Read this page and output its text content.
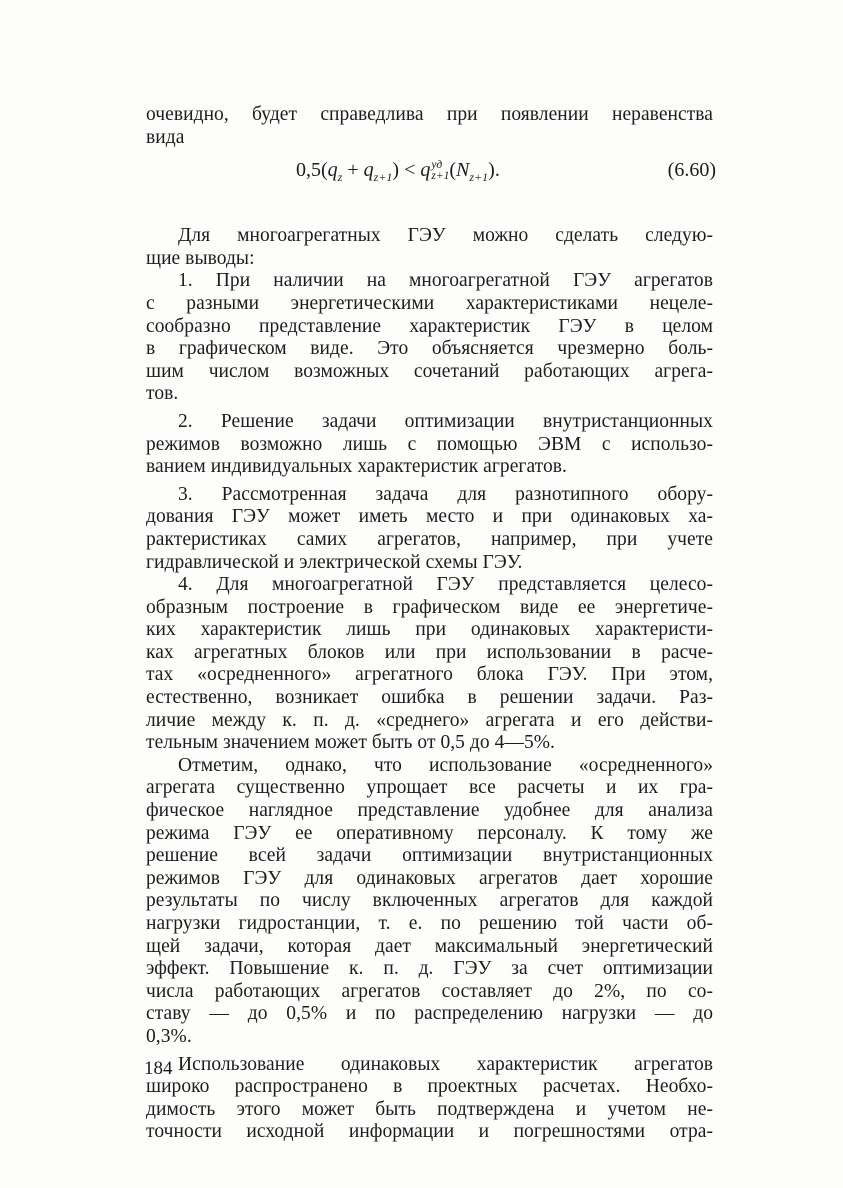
очевидно, будет справедлива при появлении неравенства
вида
$0,5(q_z + q_{z+1}) < q$ уд
z+1 $(N_{z+1})$.	(6.60)
Для многоагрегатных ГЭУ можно сделать следую-
щие выводы:
1. При наличии на многоагрегатной ГЭУ агрегатов
с разными энергетическими характеристиками нецеле-
сообразно представление характеристик ГЭУ в целом
в графическом виде. Это объясняется чрезмерно боль-
шим числом возможных сочетаний работающих агрега-
тов.
2. Решение задачи оптимизации внутристанционных
режимов возможно лишь с помощью ЭВМ с использо-
ванием индивидуальных характеристик агрегатов.
3. Рассмотренная задача для разнотипного обору-
дования ГЭУ может иметь место и при одинаковых ха-
рактеристиках самих агрегатов, например, при учете
гидравлической и электрической схемы ГЭУ.
4. Для многоагрегатной ГЭУ представляется целесо-
образным построение в графическом виде ее энергетиче-
ких характеристик лишь при одинаковых характеристи-
ках агрегатных блоков или при использовании в расче-
тах «осредненного» агрегатного блока ГЭУ. При этом,
естественно, возникает ошибка в решении задачи. Раз-
личие между к. п. д. «среднего» агрегата и его действи-
тельным значением может быть от 0,5 до 4—5%.
Отметим, однако, что использование «осредненного»
агрегата существенно упрощает все расчеты и их гра-
фическое наглядное представление удобнее для анализа
режима ГЭУ ее оперативному персоналу. К тому же
решение всей задачи оптимизации внутристанционных
режимов ГЭУ для одинаковых агрегатов дает хорошие
результаты по числу включенных агрегатов для каждой
нагрузки гидростанции, т. е. по решению той части об-
щей задачи, которая дает максимальный энергетический
эффект. Повышение к. п. д. ГЭУ за счет оптимизации
числа работающих агрегатов составляет до 2%, по со-
ставу — до 0,5% и по распределению нагрузки — до
0,3%.
Использование одинаковых характеристик агрегатов
широко распространено в проектных расчетах. Необхо-
димость этого может быть подтверждена и учетом не-
точности исходной информации и погрешностями отра-
184
